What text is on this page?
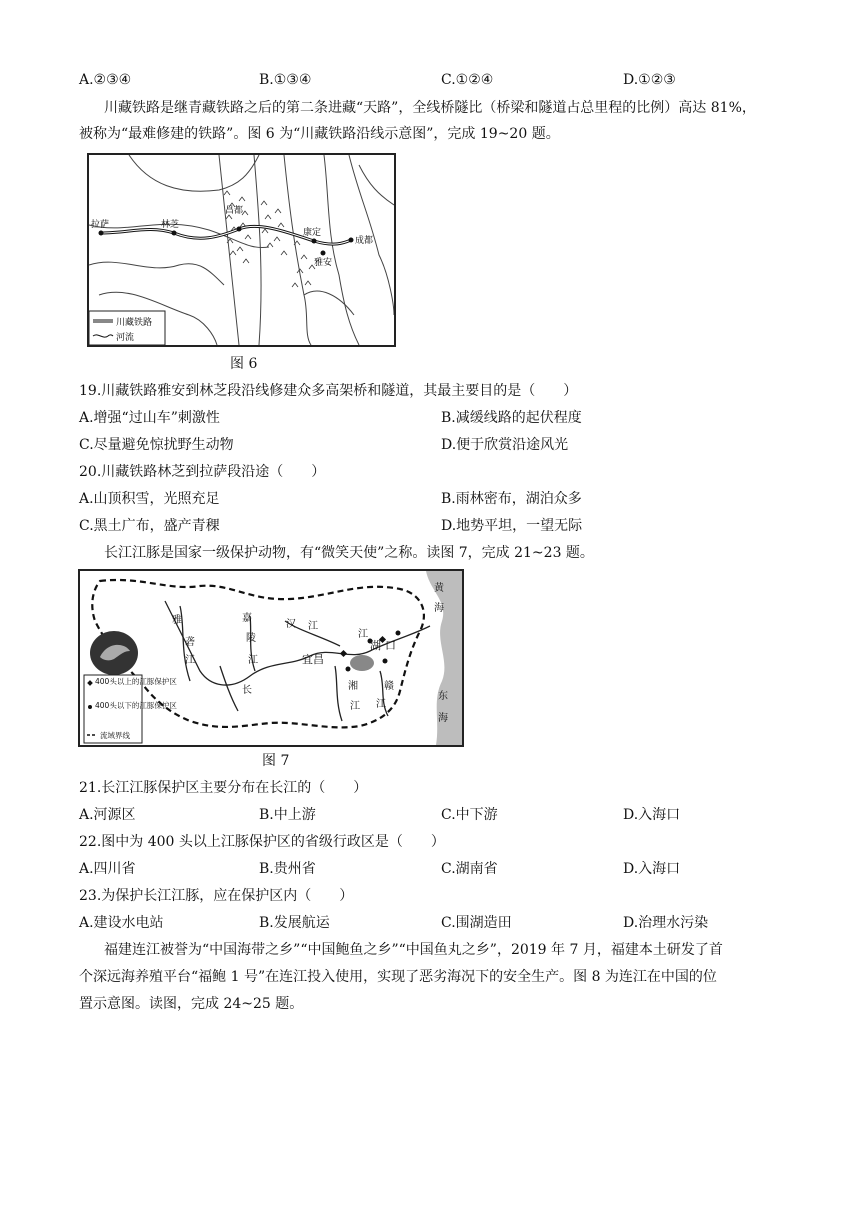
A.②③④	B.①③④	C.①②④	D.①②③
川藏铁路是继青藏铁路之后的第二条进藏“天路”，全线桥隧比（桥梁和隧道占总里程的比例）高达 81%，
被称为“最难修建的铁路”。图 6 为“川藏铁路沿线示意图”，完成 19~20 题。
拉萨	林芝
昌都
康定
雅安
成都
川藏铁路
河流
图 6
19.川藏铁路雅安到林芝段沿线修建众多高架桥和隧道，其最主要目的是（　　）
A.增强“过山车”刺激性	B.减缓线路的起伏程度
C.尽量避免惊扰野生动物	D.便于欣赏沿途风光
20.川藏铁路林芝到拉萨段沿途（　　）
A.山顶积雪，光照充足	B.雨林密布，湖泊众多
C.黑土广布，盛产青稞	D.地势平坦，一望无际
长江江豚是国家一级保护动物，有“微笑天使”之称。读图 7，完成 21~23 题。
雅
砻
江
嘉
陵
江
汉 江
宜昌
湘
江
赣
江
湖 口
长
江
黄
海
东
海
400头以上的江豚保护区
400头以下的江豚保护区
流域界线
图 7
21.长江江豚保护区主要分布在长江的（　　）
A.河源区	B.中上游	C.中下游	D.入海口
22.图中为 400 头以上江豚保护区的省级行政区是（　　）
A.四川省	B.贵州省	C.湖南省	D.入海口
23.为保护长江江豚，应在保护区内（　　）
A.建设水电站	B.发展航运	C.围湖造田	D.治理水污染
福建连江被誉为“中国海带之乡”“中国鲍鱼之乡”“中国鱼丸之乡”，2019 年 7 月，福建本土研发了首
个深远海养殖平台“福鲍 1 号”在连江投入使用，实现了恶劣海况下的安全生产。图 8 为连江在中国的位
置示意图。读图，完成 24~25 题。
